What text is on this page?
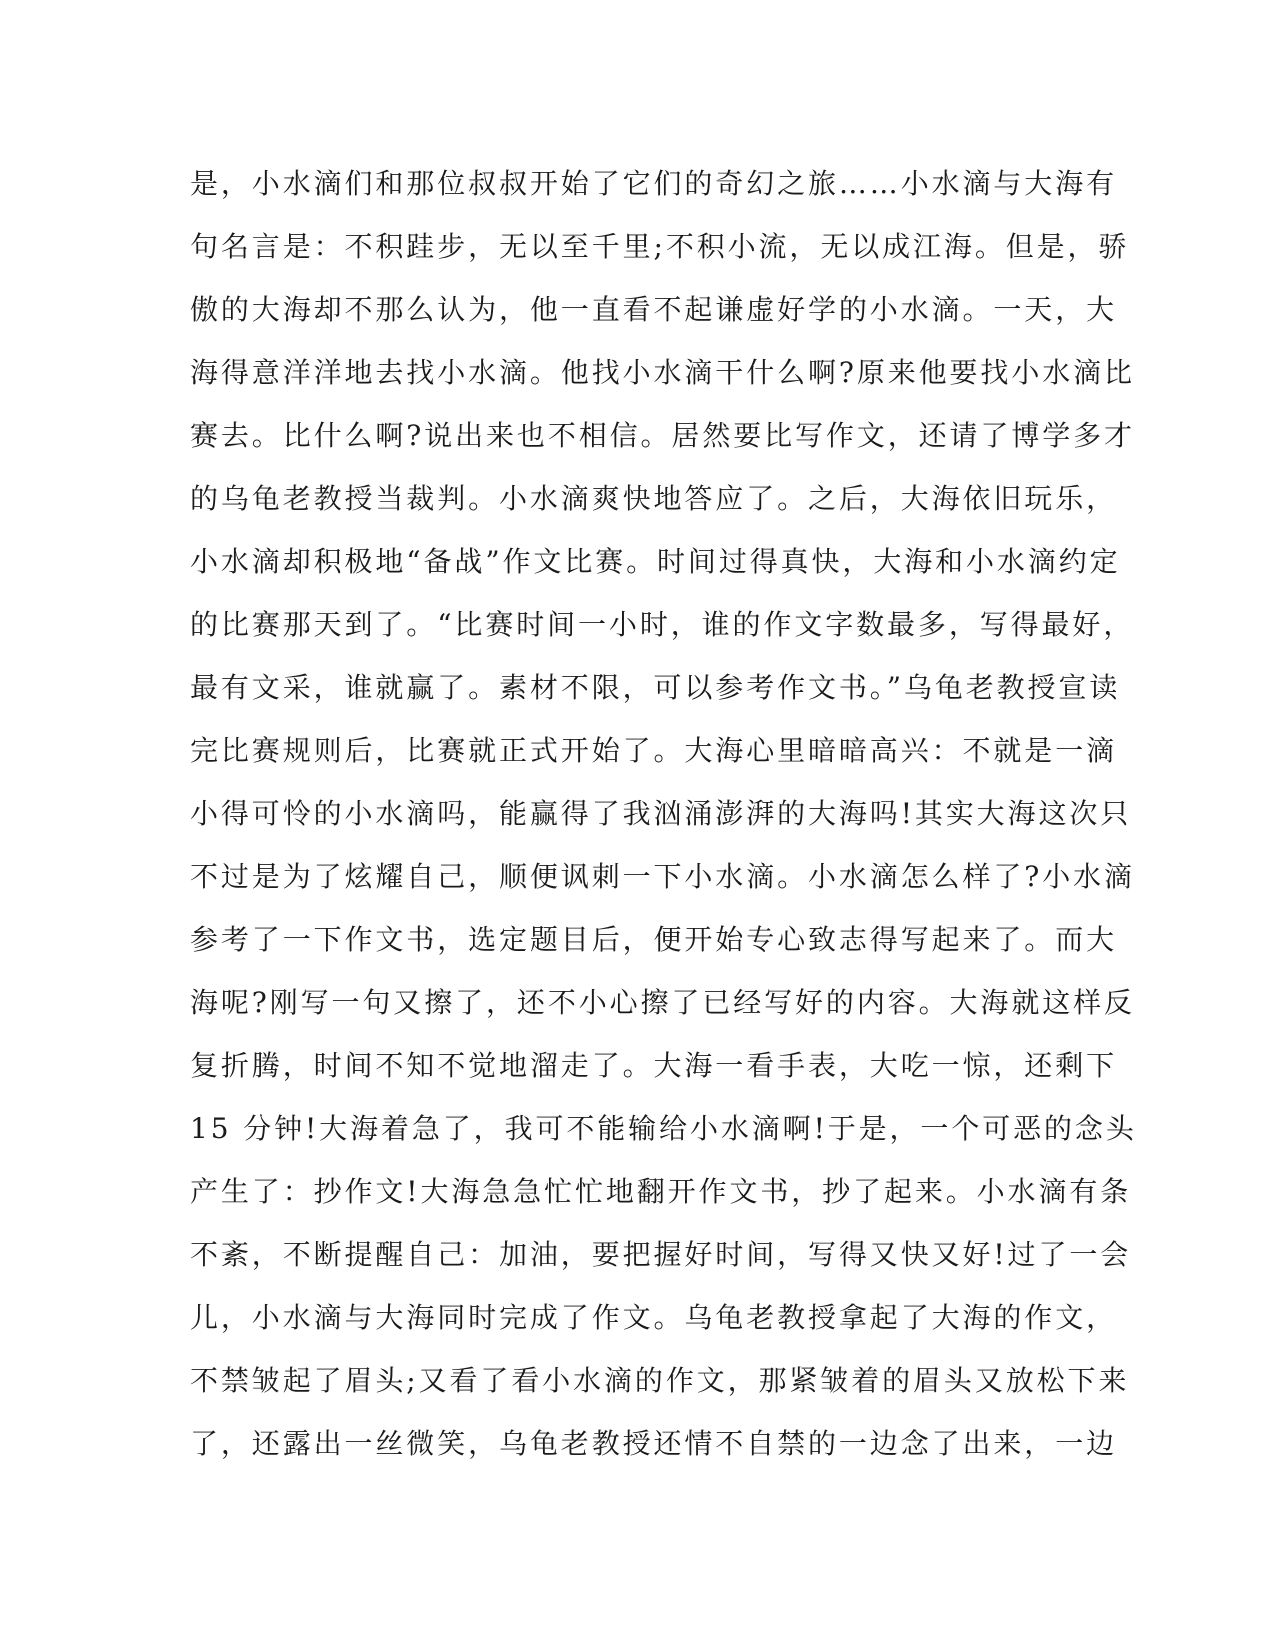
是，小水滴们和那位叔叔开始了它们的奇幻之旅……小水滴与大海有
句名言是：不积跬步，无以至千里;不积小流，无以成江海。但是，骄
傲的大海却不那么认为，他一直看不起谦虚好学的小水滴。一天，大
海得意洋洋地去找小水滴。他找小水滴干什么啊?原来他要找小水滴比
赛去。比什么啊?说出来也不相信。居然要比写作文，还请了博学多才
的乌龟老教授当裁判。小水滴爽快地答应了。之后，大海依旧玩乐，
小水滴却积极地“备战”作文比赛。时间过得真快，大海和小水滴约定
的比赛那天到了。“比赛时间一小时，谁的作文字数最多，写得最好，
最有文采，谁就赢了。素材不限，可以参考作文书。”乌龟老教授宣读
完比赛规则后，比赛就正式开始了。大海心里暗暗高兴：不就是一滴
小得可怜的小水滴吗，能赢得了我汹涌澎湃的大海吗!其实大海这次只
不过是为了炫耀自己，顺便讽刺一下小水滴。小水滴怎么样了?小水滴
参考了一下作文书，选定题目后，便开始专心致志得写起来了。而大
海呢?刚写一句又擦了，还不小心擦了已经写好的内容。大海就这样反
复折腾，时间不知不觉地溜走了。大海一看手表，大吃一惊，还剩下
15 分钟!大海着急了，我可不能输给小水滴啊!于是，一个可恶的念头
产生了：抄作文!大海急急忙忙地翻开作文书，抄了起来。小水滴有条
不紊，不断提醒自己：加油，要把握好时间，写得又快又好!过了一会
儿，小水滴与大海同时完成了作文。乌龟老教授拿起了大海的作文，
不禁皱起了眉头;又看了看小水滴的作文，那紧皱着的眉头又放松下来
了，还露出一丝微笑，乌龟老教授还情不自禁的一边念了出来，一边
